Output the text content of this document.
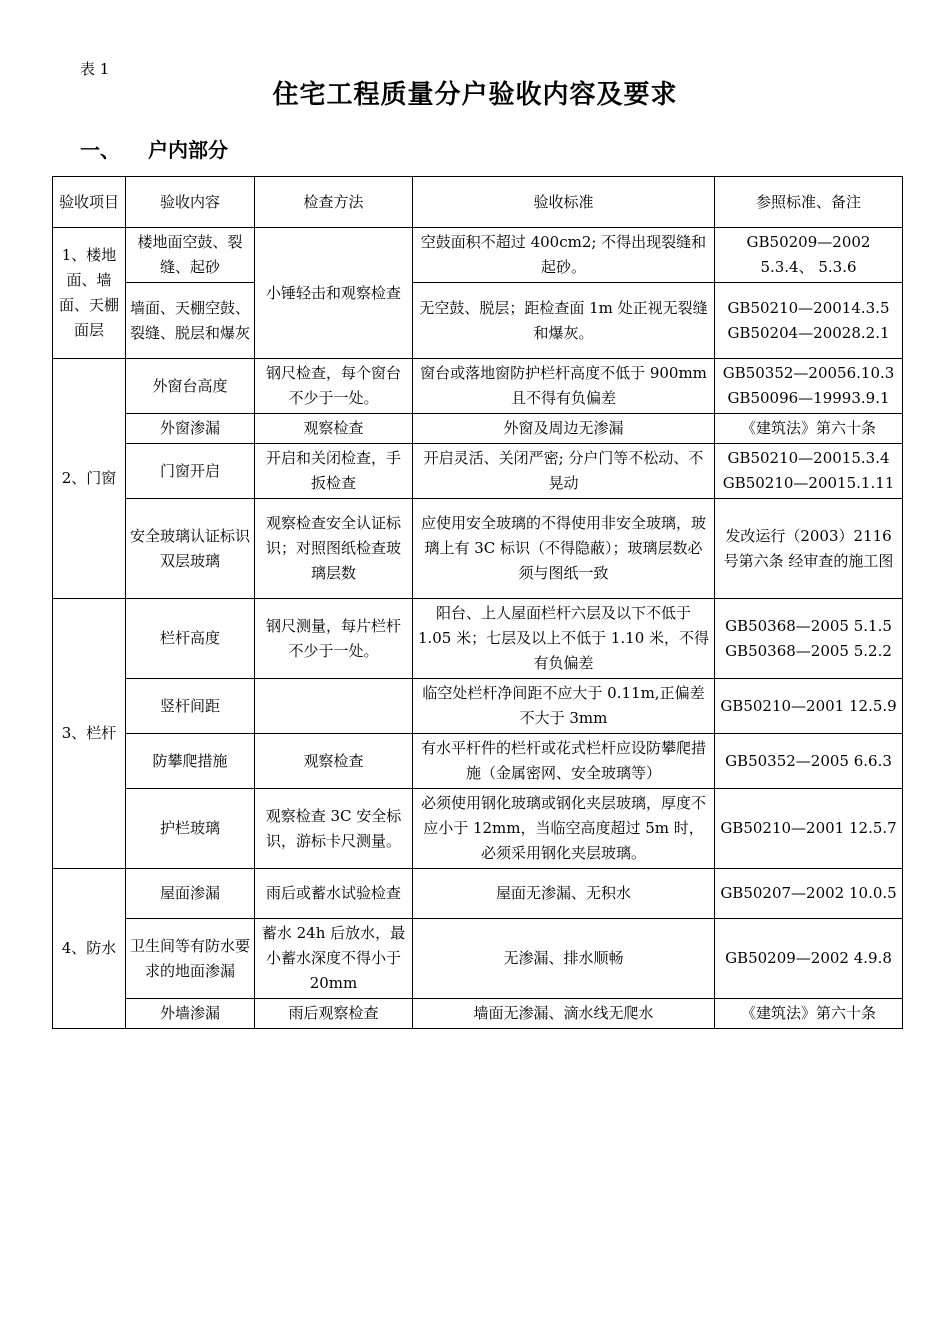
表 1
住宅工程质量分户验收内容及要求
一、 户内部分
验收项目	验收内容	检查方法	验收标准	参照标准、备注
1、楼地面、墙面、天棚面层	楼地面空鼓、裂缝、起砂	小锤轻击和观察检查	空鼓面积不超过 400cm2; 不得出现裂缝和起砂。	GB50209—2002 5.3.4、 5.3.6
	墙面、天棚空鼓、裂缝、脱层和爆灰		无空鼓、脱层；距检查面 1m 处正视无裂缝和爆灰。	GB50210—20014.3.5 GB50204—20028.2.1
2、门窗	外窗台高度	钢尺检查，每个窗台不少于一处。	窗台或落地窗防护栏杆高度不低于 900mm 且不得有负偏差	GB50352—20056.10.3 GB50096—19993.9.1
	外窗渗漏	观察检查	外窗及周边无渗漏	《建筑法》第六十条
	门窗开启	开启和关闭检查，手扳检查	开启灵活、关闭严密; 分户门等不松动、不晃动	GB50210—20015.3.4 GB50210—20015.1.11
	安全玻璃认证标识双层玻璃	观察检查安全认证标识；对照图纸检查玻璃层数	应使用安全玻璃的不得使用非安全玻璃，玻璃上有 3C 标识（不得隐蔽）；玻璃层数必须与图纸一致	发改运行（2003）2116 号第六条 经审查的施工图
3、栏杆	栏杆高度	钢尺测量，每片栏杆不少于一处。	阳台、上人屋面栏杆六层及以下不低于 1.05 米；七层及以上不低于 1.10 米，不得有负偏差	GB50368—2005 5.1.5 GB50368—2005 5.2.2
	竖杆间距		临空处栏杆净间距不应大于 0.11m,正偏差不大于 3mm	GB50210—2001 12.5.9
	防攀爬措施	观察检查	有水平杆件的栏杆或花式栏杆应设防攀爬措施（金属密网、安全玻璃等）	GB50352—2005 6.6.3
	护栏玻璃	观察检查 3C 安全标识，游标卡尺测量。	必须使用钢化玻璃或钢化夹层玻璃，厚度不应小于 12mm，当临空高度超过 5m 时，必须采用钢化夹层玻璃。	GB50210—2001 12.5.7
4、防水	屋面渗漏	雨后或蓄水试验检查	屋面无渗漏、无积水	GB50207—2002 10.0.5
	卫生间等有防水要求的地面渗漏	蓄水 24h 后放水，最小蓄水深度不得小于 20mm	无渗漏、排水顺畅	GB50209—2002 4.9.8
	外墙渗漏	雨后观察检查	墙面无渗漏、滴水线无爬水	《建筑法》第六十条
